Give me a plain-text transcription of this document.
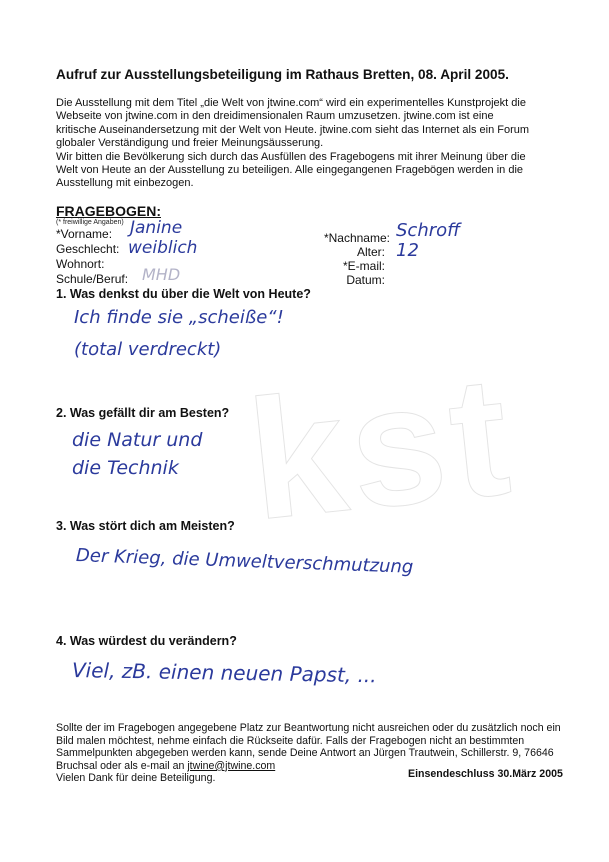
kst
Aufruf zur Ausstellungsbeteiligung im Rathaus Bretten, 08. April 2005.
Die Ausstellung mit dem Titel „die Welt von jtwine.com“ wird ein experimentelles Kunstprojekt die
Webseite von jtwine.com in den dreidimensionalen Raum umzusetzen. jtwine.com ist eine
kritische Auseinandersetzung mit der Welt von Heute. jtwine.com sieht das Internet als ein Forum
globaler Verständigung und freier Meinungsäusserung.
Wir bitten die Bevölkerung sich durch das Ausfüllen des Fragebogens mit ihrer Meinung über die
Welt von Heute an der Ausstellung zu beteiligen. Alle eingegangenen Fragebögen werden in die
Ausstellung mit einbezogen.
FRAGEBOGEN:
(* freiwillige Angaben)
*Vorname:
Geschlecht:
Wohnort:
Schule/Beruf:
Janine
weiblich
MHD
*Nachname:
Alter:
*E-mail:
Datum:
Schroff
12
1. Was denkst du über die Welt von Heute?
Ich finde sie „scheiße“!
(total verdreckt)
2. Was gefällt dir am Besten?
die Natur und
die Technik
3. Was stört dich am Meisten?
Der Krieg, die Umweltverschmutzung
4. Was würdest du verändern?
Viel, zB. einen neuen Papst, ...
Sollte der im Fragebogen angegebene Platz zur Beantwortung nicht ausreichen oder du zusätzlich noch ein
Bild malen möchtest, nehme einfach die Rückseite dafür. Falls der Fragebogen nicht an bestimmten
Sammelpunkten abgegeben werden kann, sende Deine Antwort an Jürgen Trautwein, Schillerstr. 9, 76646
Bruchsal oder als e-mail an jtwine@jtwine.com
Vielen Dank für deine Beteiligung.	Einsendeschluss 30.März 2005
